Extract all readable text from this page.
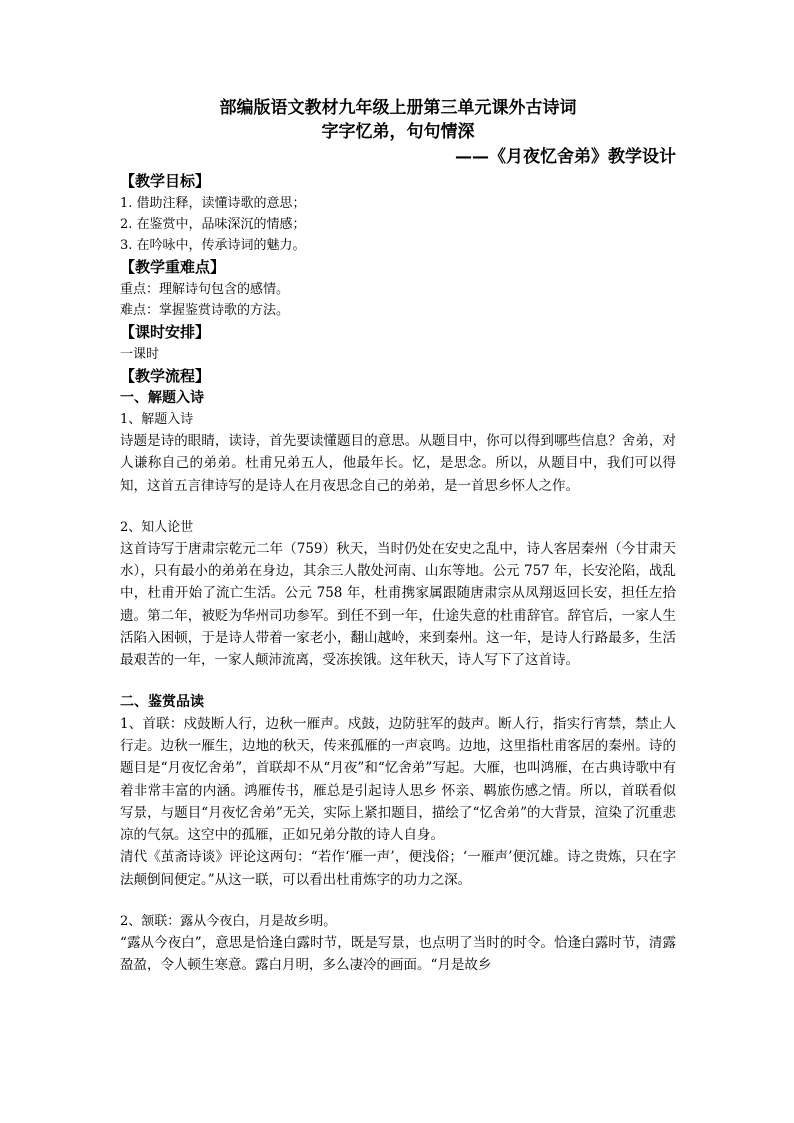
部编版语文教材九年级上册第三单元课外古诗词
字字忆弟，句句情深
——《月夜忆舍弟》教学设计
【教学目标】
1. 借助注释，读懂诗歌的意思；
2. 在鉴赏中，品味深沉的情感；
3. 在吟咏中，传承诗词的魅力。
【教学重难点】
重点：理解诗句包含的感情。
难点：掌握鉴赏诗歌的方法。
【课时安排】
一课时
【教学流程】
一、解题入诗
1、解题入诗

诗题是诗的眼睛，读诗，首先要读懂题目的意思。从题目中，你可以得到哪些信息？舍弟，对人谦称自己的弟弟。杜甫兄弟五人，他最年长。忆，是思念。所以，从题目中，我们可以得知，这首五言律诗写的是诗人在月夜思念自己的弟弟，是一首思乡怀人之作。

2、知人论世

这首诗写于唐肃宗乾元二年（759）秋天，当时仍处在安史之乱中，诗人客居秦州（今甘肃天水），只有最小的弟弟在身边，其余三人散处河南、山东等地。公元 757 年，长安沦陷，战乱中，杜甫开始了流亡生活。公元 758 年，杜甫携家属跟随唐肃宗从凤翔返回长安，担任左拾遗。第二年，被贬为华州司功参军。到任不到一年，仕途失意的杜甫辞官。辞官后，一家人生活陷入困顿，于是诗人带着一家老小，翻山越岭，来到秦州。这一年，是诗人行路最多，生活最艰苦的一年，一家人颠沛流离，受冻挨饿。这年秋天，诗人写下了这首诗。

二、鉴赏品读

1、首联：戍鼓断人行，边秋一雁声。戍鼓，边防驻军的鼓声。断人行，指实行宵禁，禁止人行走。边秋一雁生，边地的秋天，传来孤雁的一声哀鸣。边地，这里指杜甫客居的秦州。诗的题目是“月夜忆舍弟”，首联却不从“月夜”和“忆舍弟”写起。大雁，也叫鸿雁，在古典诗歌中有着非常丰富的内涵。鸿雁传书，雁总是引起诗人思乡 怀亲、羁旅伤感之情。所以，首联看似写景，与题目“月夜忆舍弟”无关，实际上紧扣题目，描绘了“忆舍弟”的大背景，渲染了沉重悲凉的气氛。这空中的孤雁，正如兄弟分散的诗人自身。

清代《茧斋诗谈》评论这两句：“若作‘雁一声’，便浅俗；‘一雁声’便沉雄。诗之贵炼，只在字法颠倒间便定。”从这一联，可以看出杜甫炼字的功力之深。

2、颔联：露从今夜白，月是故乡明。

“露从今夜白”，意思是恰逢白露时节，既是写景，也点明了当时的时令。恰逢白露时节，清露盈盈，令人顿生寒意。露白月明，多么凄冷的画面。“月是故乡
